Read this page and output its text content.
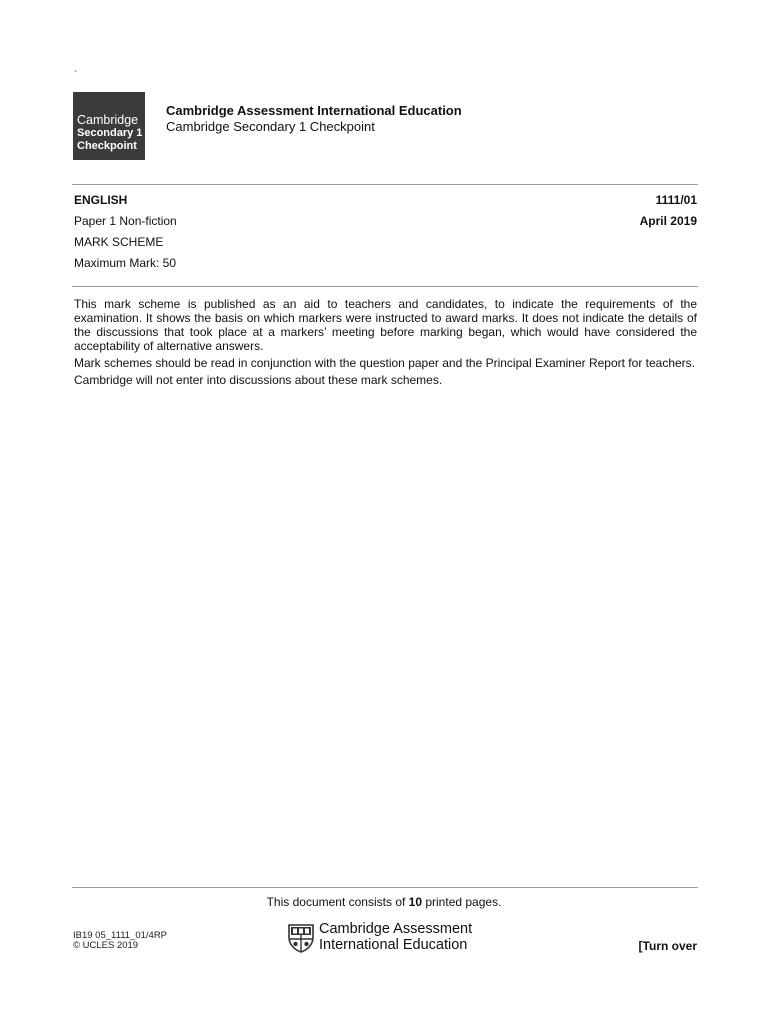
`
Cambridge
Secondary 1
Checkpoint
Cambridge Assessment International Education
Cambridge Secondary 1 Checkpoint
ENGLISH
Paper 1 Non-fiction
MARK SCHEME
Maximum Mark: 50
1111/01
April 2019

This mark scheme is published as an aid to teachers and candidates, to indicate the requirements of the examination. It shows the basis on which markers were instructed to award marks. It does not indicate the details of the discussions that took place at a markers’ meeting before marking began, which would have considered the acceptability of alternative answers.

Mark schemes should be read in conjunction with the question paper and the Principal Examiner Report for teachers.

Cambridge will not enter into discussions about these mark schemes.

This document consists of 10 printed pages.
IB19 05_1111_01/4RP
© UCLES 2019
Cambridge Assessment
International Education	[Turn over
